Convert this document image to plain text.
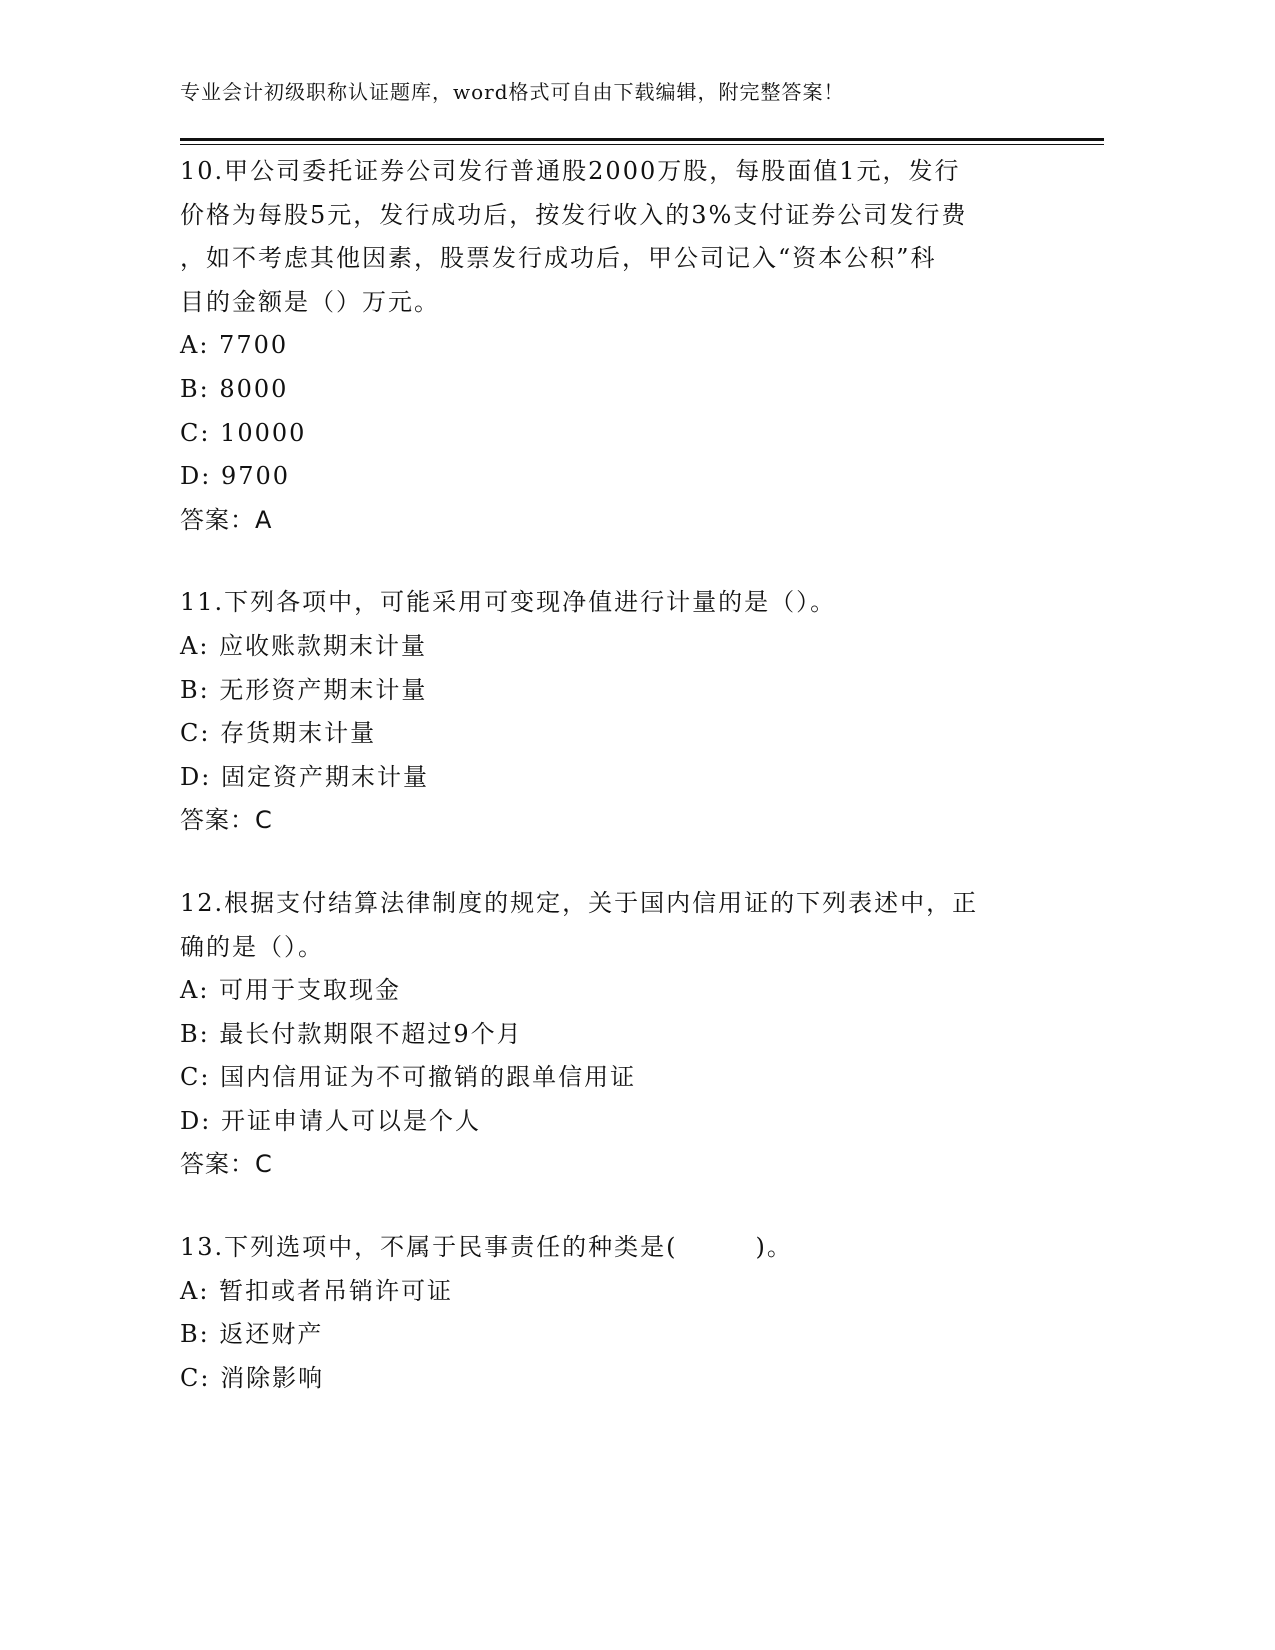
专业会计初级职称认证题库，word格式可自由下载编辑，附完整答案！
10.甲公司委托证券公司发行普通股2000万股，每股面值1元，发行
价格为每股5元，发行成功后，按发行收入的3%支付证券公司发行费
，如不考虑其他因素，股票发行成功后，甲公司记入“资本公积”科
目的金额是（）万元。
A: 7700
B: 8000
C: 10000
D: 9700
答案：A
11.下列各项中，可能采用可变现净值进行计量的是（）。
A: 应收账款期末计量
B: 无形资产期末计量
C: 存货期末计量
D: 固定资产期末计量
答案：C
12.根据支付结算法律制度的规定，关于国内信用证的下列表述中，正
确的是（）。
A: 可用于支取现金
B: 最长付款期限不超过9个月
C: 国内信用证为不可撤销的跟单信用证
D: 开证申请人可以是个人
答案：C
13.下列选项中，不属于民事责任的种类是(　　　)。
A: 暂扣或者吊销许可证
B: 返还财产
C: 消除影响
